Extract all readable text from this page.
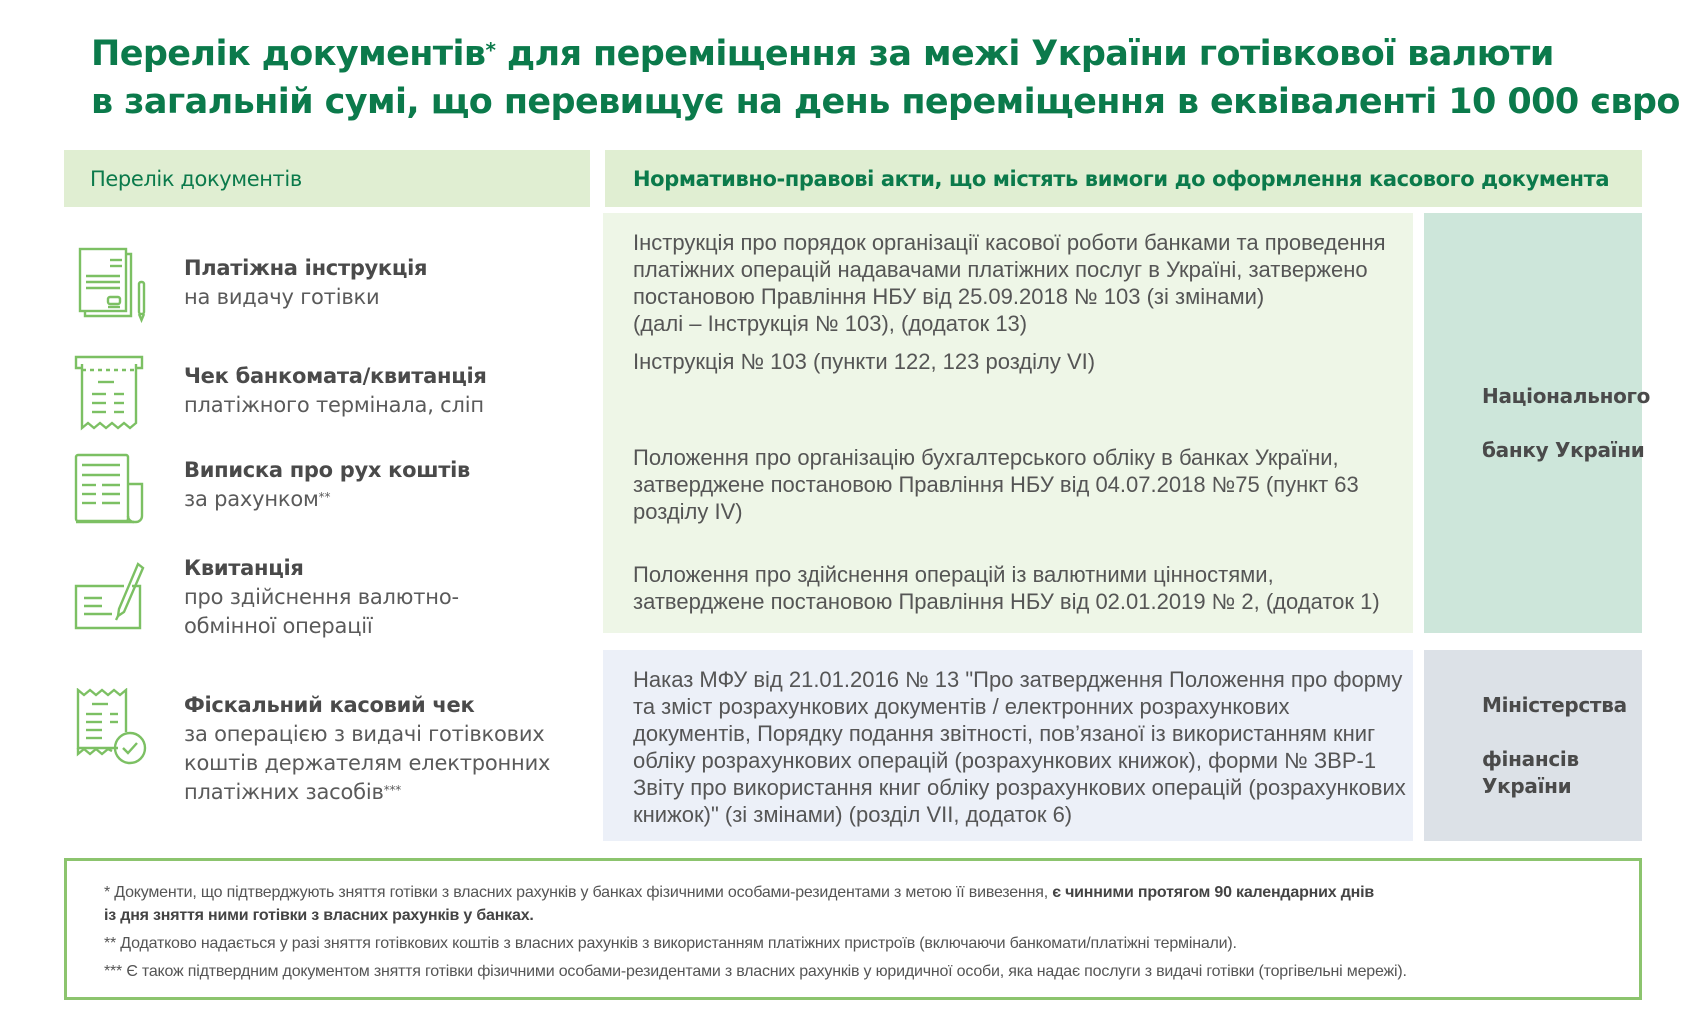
Перелік документів* для переміщення за межі України готівкової валюти
в загальній сумі, що перевищує на день переміщення в еквіваленті 10 000 євро
Перелік документів	Нормативно-правові акти, що містять вимоги до оформлення касового документа
Платіжна інструкція
на видачу готівки
Чек банкомата/квитанція
платіжного термінала, сліп
Виписка про рух коштів
за рахунком**
Квитанція
про здійснення валютно-
обмінної операції
Фіскальний касовий чек
за операцією з видачі готівкових
коштів держателям електронних
платіжних засобів***
Інструкція про порядок організації касової роботи банками та проведення платіжних операцій надавачами платіжних послуг в Україні, затвержено постановою Правління НБУ від 25.09.2018 № 103 (зі змінами)
(далі – Інструкція № 103), (додаток 13)
Інструкція № 103 (пункти 122, 123 розділу VI)
Положення про організацію бухгалтерського обліку в банках України, затверджене постановою Правління НБУ від 04.07.2018 №75 (пункт 63 розділу IV)
Положення про здійснення операцій із валютними цінностями, затверджене постановою Правління НБУ від 02.01.2019 № 2, (додаток 1)
Національного

банку України
Наказ МФУ від 21.01.2016 № 13 "Про затвердження Положення про форму та зміст розрахункових документів / електронних розрахункових документів, Порядку подання звітності, пов’язаної із використанням книг обліку розрахункових операцій (розрахункових книжок), форми № ЗВР-1 Звіту про використання книг обліку розрахункових операцій (розрахункових книжок)" (зі змінами) (розділ VII, додаток 6)
Міністерства

фінансів України

* Документи, що підтверджують зняття готівки з власних рахунків у банках фізичними особами-резидентами з метою її вивезення, є чинними протягом 90 календарних днів
із дня зняття ними готівки з власних рахунків у банках.

** Додатково надається у разі зняття готівкових коштів з власних рахунків з використанням платіжних пристроїв (включаючи банкомати/платіжні термінали).

*** Є також підтвердним документом зняття готівки фізичними особами-резидентами з власних рахунків у юридичної особи, яка надає послуги з видачі готівки (торгівельні мережі).
